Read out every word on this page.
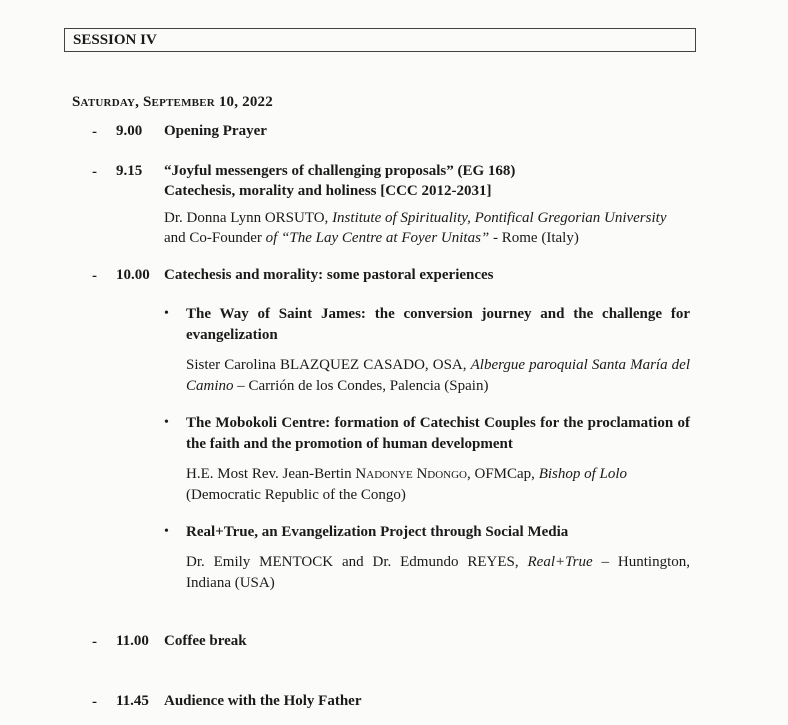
SESSION IV
Saturday, September 10, 2022
- 9.00 Opening Prayer
- 9.15 “Joyful messengers of challenging proposals” (EG 168)
Catechesis, morality and holiness [CCC 2012-2031]
Dr. Donna Lynn ORSUTO, Institute of Spirituality, Pontifical Gregorian University
and Co-Founder of “The Lay Centre at Foyer Unitas” - Rome (Italy)
- 10.00 Catechesis and morality: some pastoral experiences
• The Way of Saint James: the conversion journey and the challenge for evangelization
Sister Carolina BLAZQUEZ CASADO, OSA, Albergue paroquial Santa María del Camino – Carrión de los Condes, Palencia (Spain)
• The Mobokoli Centre: formation of Catechist Couples for the proclamation of the faith and the promotion of human development
H.E. Most Rev. Jean-Bertin Nadonye Ndongo, OFMCap, Bishop of Lolo
(Democratic Republic of the Congo)
• Real+True, an Evangelization Project through Social Media
Dr. Emily MENTOCK and Dr. Edmundo REYES, Real+True – Huntington, Indiana (USA)
- 11.00 Coffee break
- 11.45 Audience with the Holy Father
